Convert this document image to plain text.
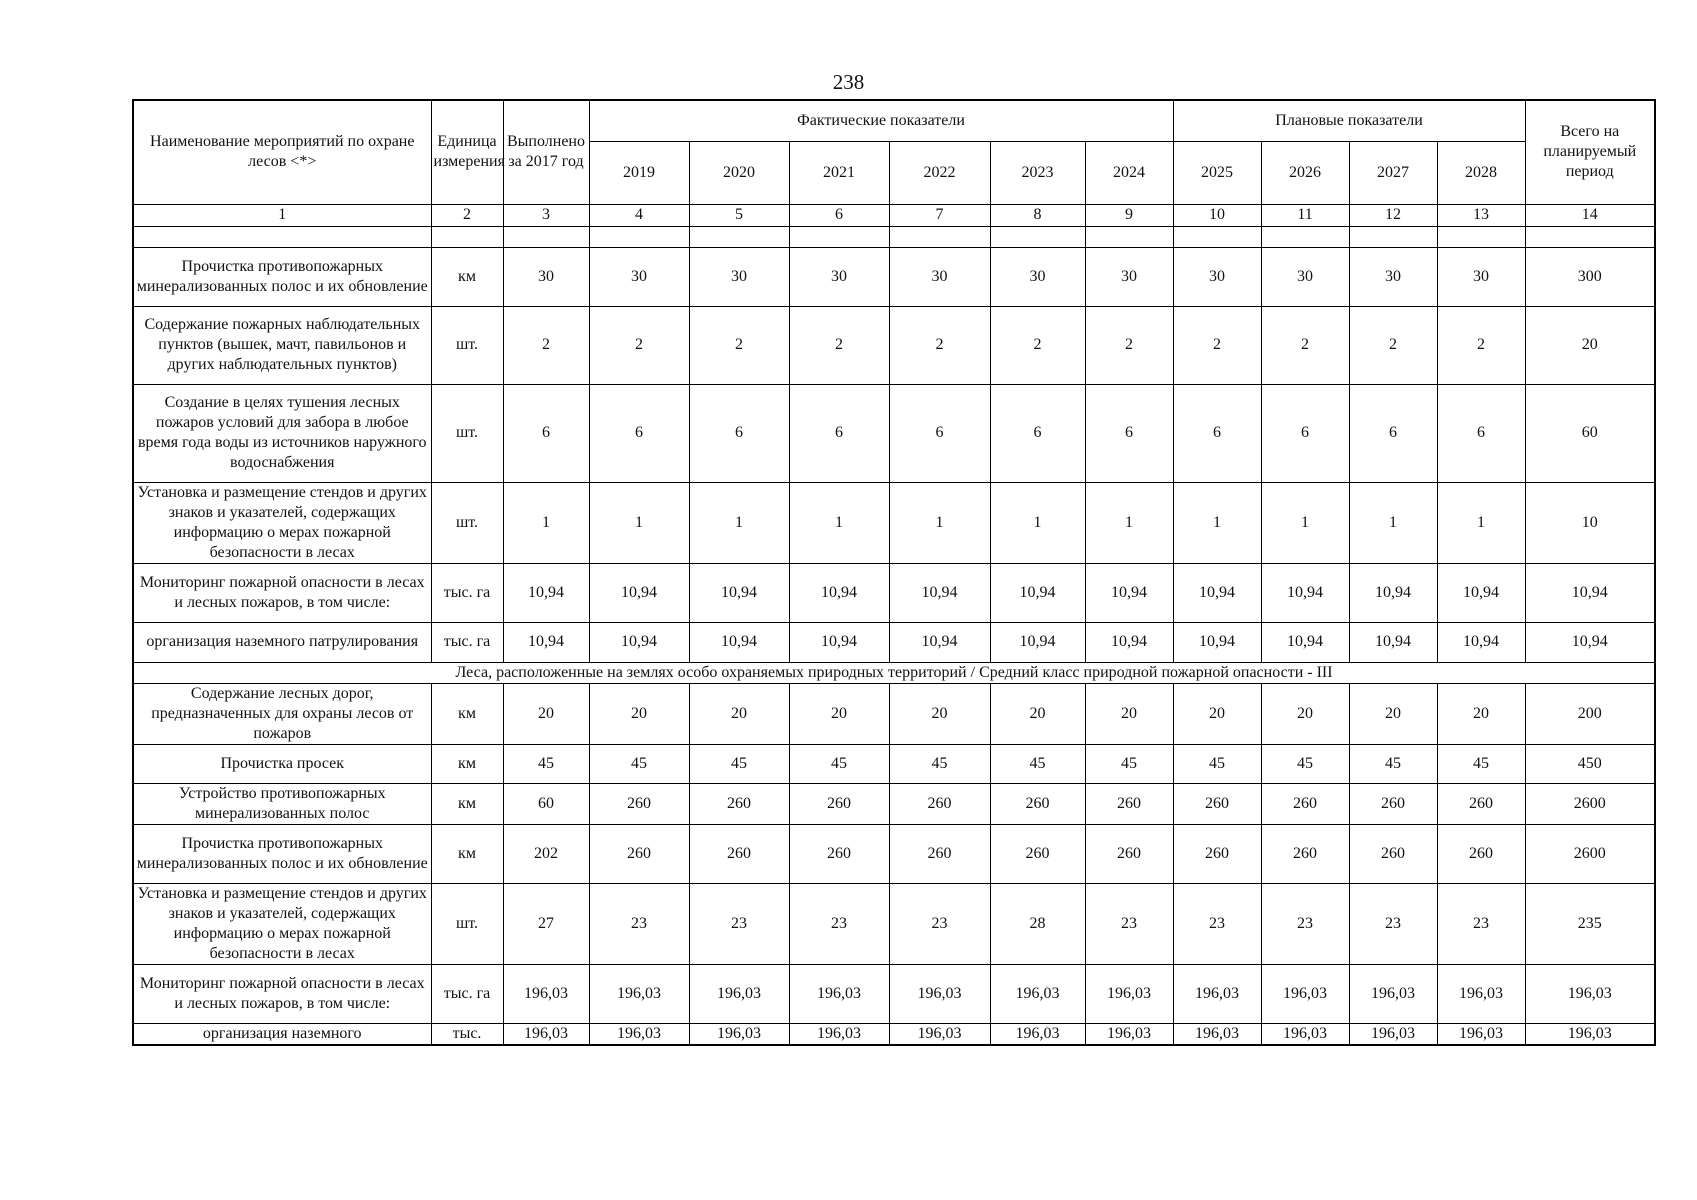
238
Наименование мероприятий по охране лесов <*>	Единица измерения	Выполнено за 2017 год	Фактические показатели						Плановые показатели				Всего на планируемый период
			2019	2020	2021	2022	2023	2024	2025	2026	2027	2028	
1	2	3	4	5	6	7	8	9	10	11	12	13	14

Прочистка противопожарных минерализованных полос и их обновление	км	30	30	30	30	30	30	30	30	30	30	30	300
Содержание пожарных наблюдательных пунктов (вышек, мачт, павильонов и других наблюдательных пунктов)	шт.	2	2	2	2	2	2	2	2	2	2	2	20
Создание в целях тушения лесных пожаров условий для забора в любое время года воды из источников наружного водоснабжения	шт.	6	6	6	6	6	6	6	6	6	6	6	60
Установка и размещение стендов и других знаков и указателей, содержащих информацию о мерах пожарной безопасности в лесах	шт.	1	1	1	1	1	1	1	1	1	1	1	10
Мониторинг пожарной опасности в лесах и лесных пожаров, в том числе:	тыс. га	10,94	10,94	10,94	10,94	10,94	10,94	10,94	10,94	10,94	10,94	10,94	10,94
организация наземного патрулирования	тыс. га	10,94	10,94	10,94	10,94	10,94	10,94	10,94	10,94	10,94	10,94	10,94	10,94
Леса, расположенные на землях особо охраняемых природных территорий / Средний класс природной пожарной опасности - III													
Содержание лесных дорог, предназначенных для охраны лесов от пожаров	км	20	20	20	20	20	20	20	20	20	20	20	200
Прочистка просек	км	45	45	45	45	45	45	45	45	45	45	45	450
Устройство противопожарных минерализованных полос	км	60	260	260	260	260	260	260	260	260	260	260	2600
Прочистка противопожарных минерализованных полос и их обновление	км	202	260	260	260	260	260	260	260	260	260	260	2600
Установка и размещение стендов и других знаков и указателей, содержащих информацию о мерах пожарной безопасности в лесах	шт.	27	23	23	23	23	28	23	23	23	23	23	235
Мониторинг пожарной опасности в лесах и лесных пожаров, в том числе:	тыс. га	196,03	196,03	196,03	196,03	196,03	196,03	196,03	196,03	196,03	196,03	196,03	196,03
организация наземного	тыс.	196,03	196,03	196,03	196,03	196,03	196,03	196,03	196,03	196,03	196,03	196,03	196,03
